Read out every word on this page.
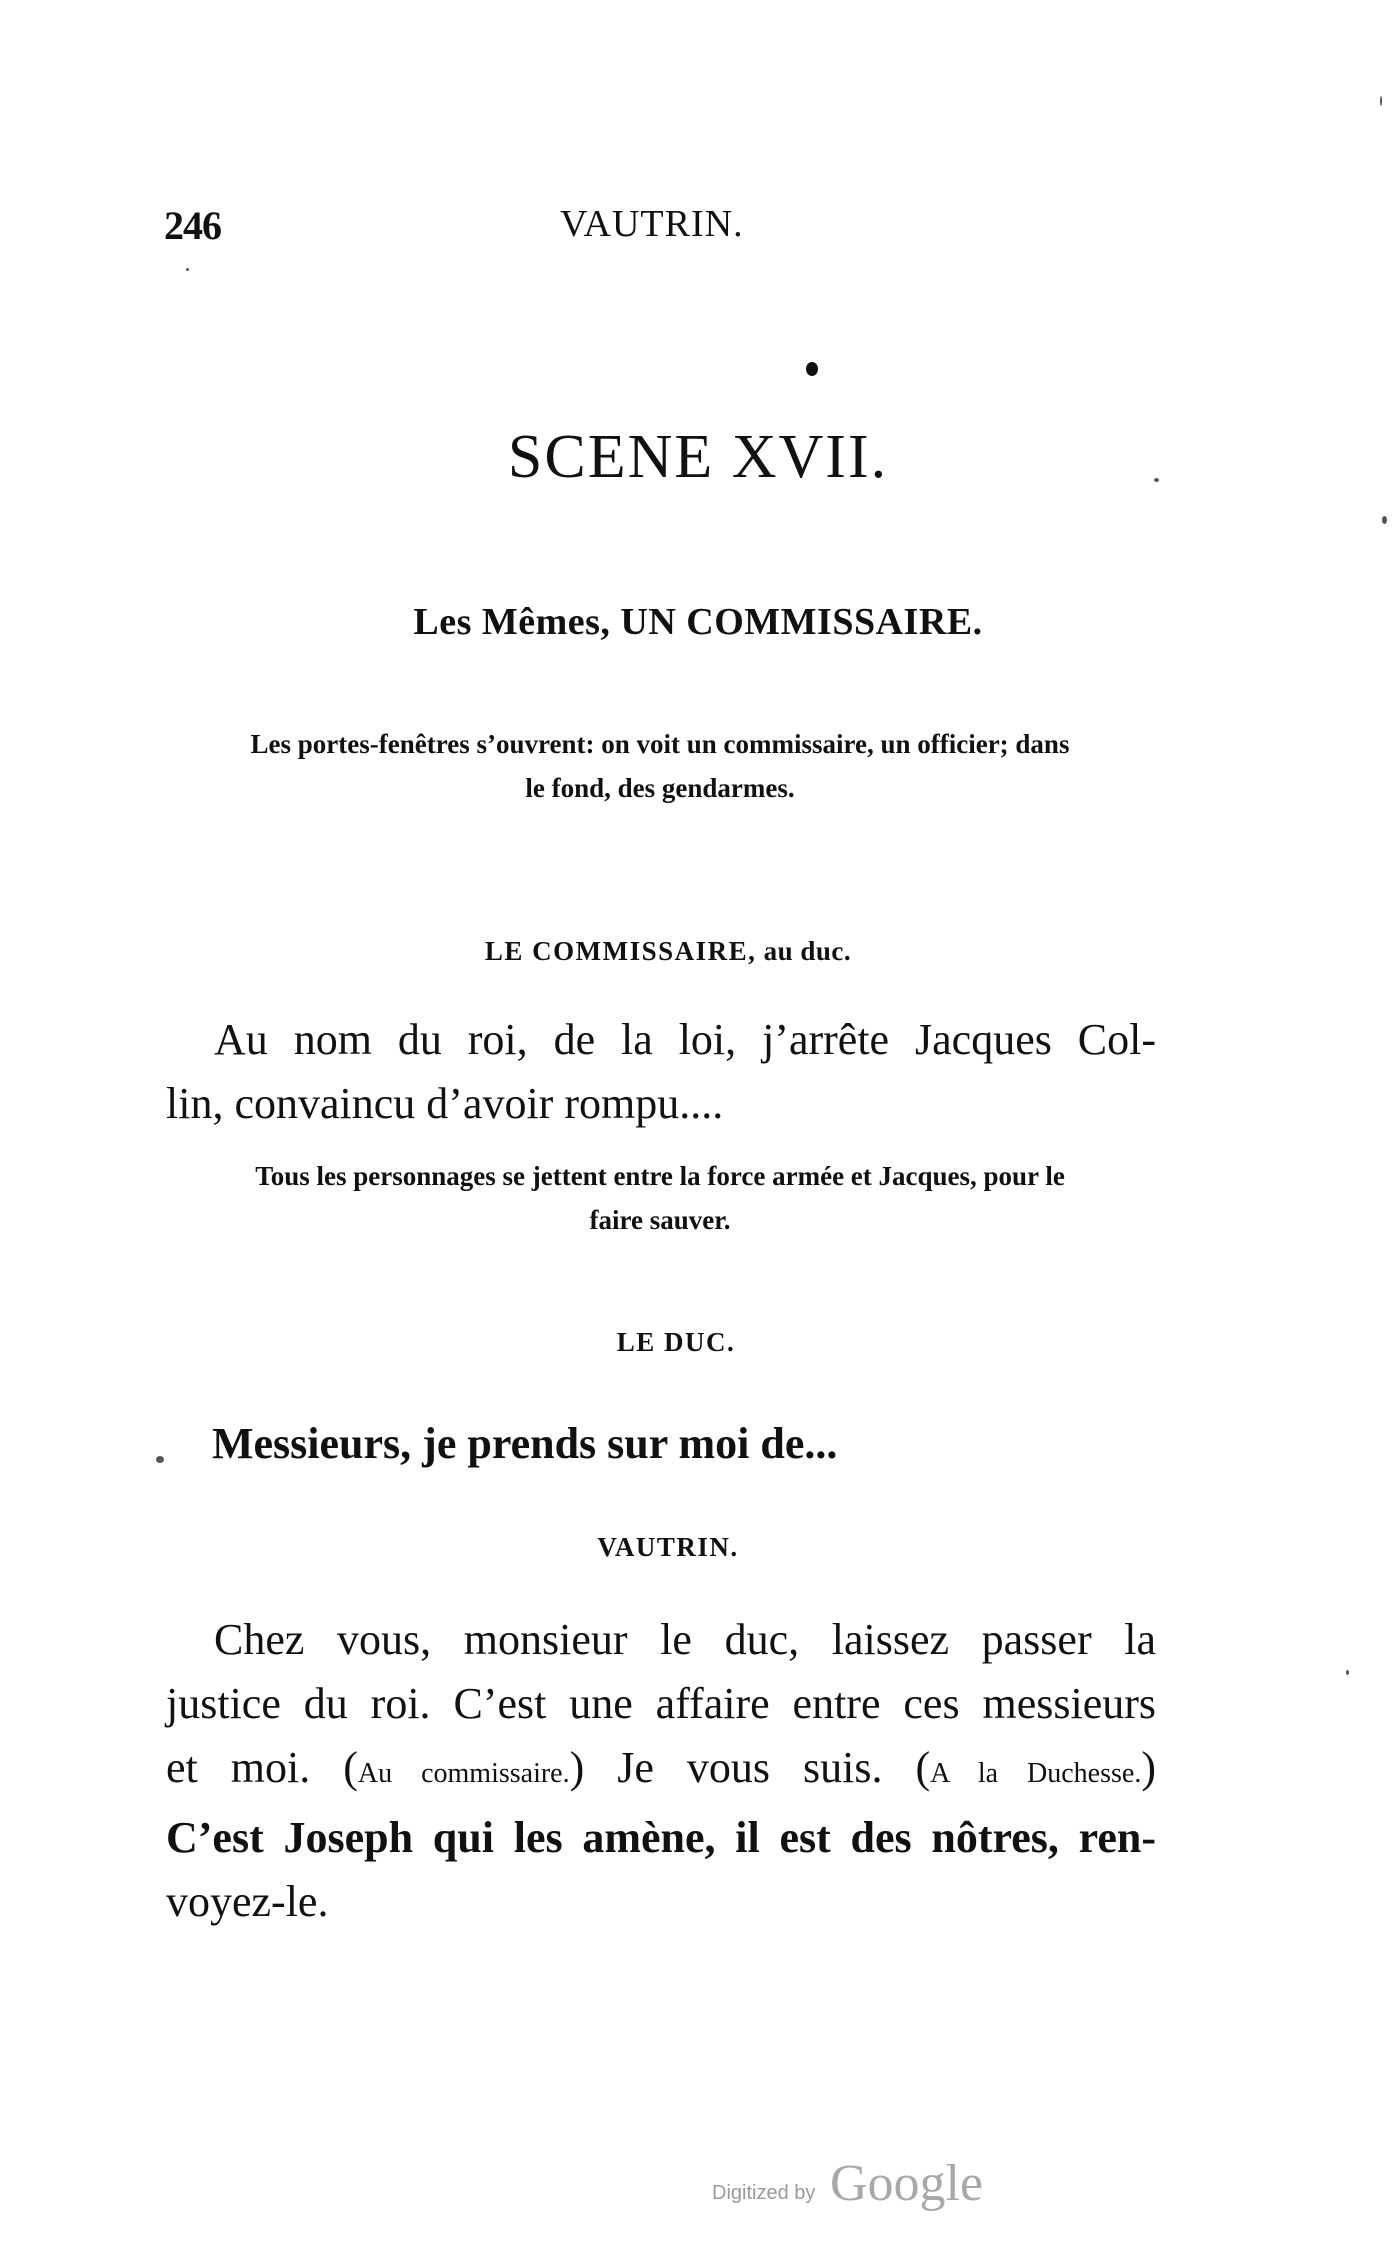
246	VAUTRIN.
SCENE XVII.
Les Mêmes, UN COMMISSAIRE.
Les portes-fenêtres s’ouvrent: on voit un commissaire, un officier; dans
le fond, des gendarmes.
LE COMMISSAIRE, au duc.
Au nom du roi, de la loi, j’arrête Jacques Col-
lin, convaincu d’avoir rompu....
Tous les personnages se jettent entre la force armée et Jacques, pour le
faire sauver.
LE DUC.
Messieurs, je prends sur moi de...
VAUTRIN.
Chez vous, monsieur le duc, laissez passer la
justice du roi. C’est une affaire entre ces messieurs
et moi. (Au commissaire.) Je vous suis. (A la Duchesse.)
C’est Joseph qui les amène, il est des nôtres, ren-
voyez-le.
Digitized by Google
